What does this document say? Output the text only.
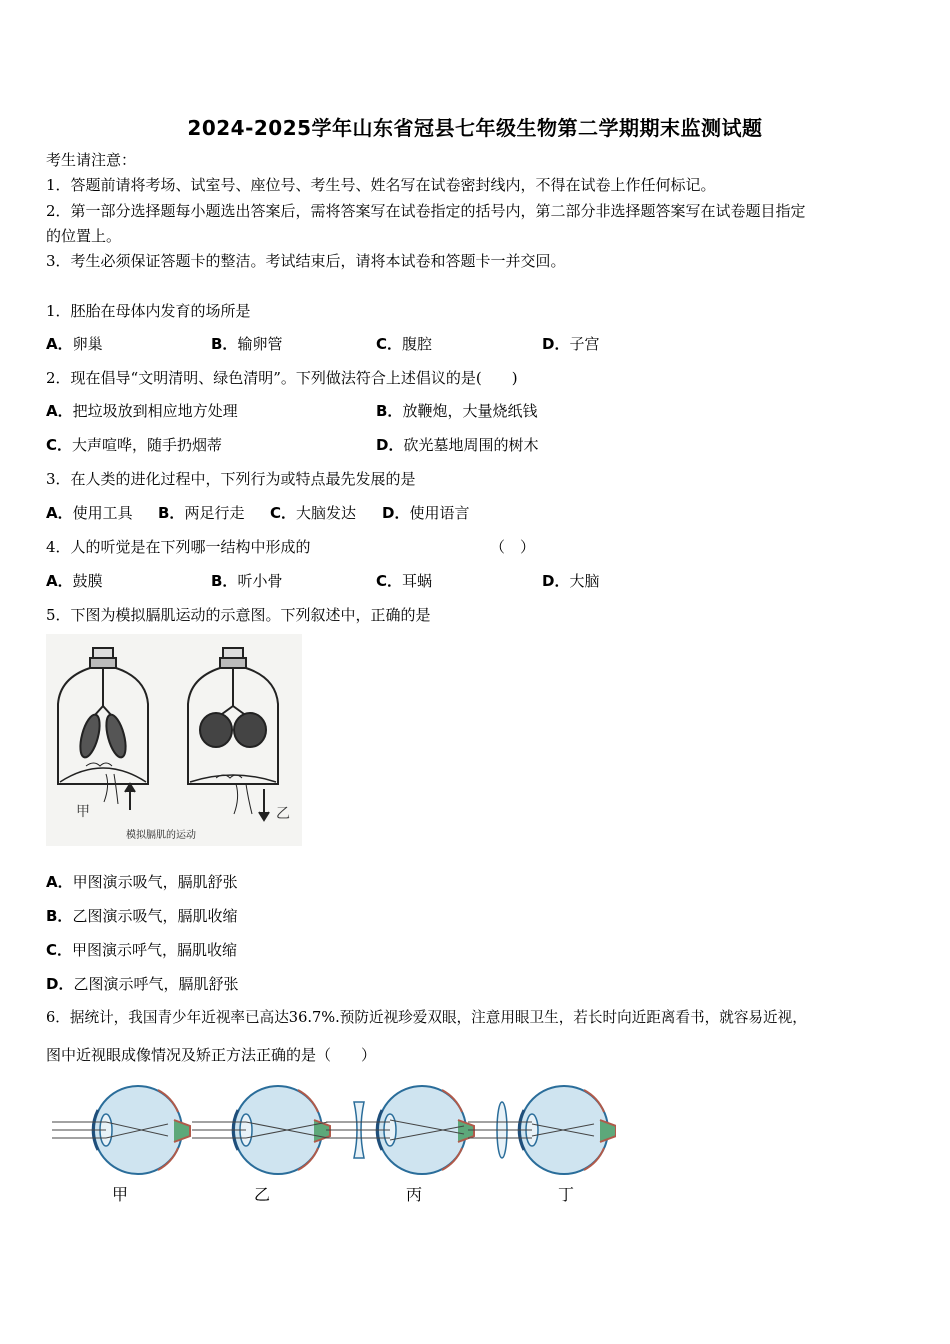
2024-2025学年山东省冠县七年级生物第二学期期末监测试题
考生请注意：
1．答题前请将考场、试室号、座位号、考生号、姓名写在试卷密封线内，不得在试卷上作任何标记。
2．第一部分选择题每小题选出答案后，需将答案写在试卷指定的括号内，第二部分非选择题答案写在试卷题目指定
的位置上。
3．考生必须保证答题卡的整洁。考试结束后，请将本试卷和答题卡一并交回。
1．胚胎在母体内发育的场所是
A．卵巢	B．输卵管	C．腹腔	D．子宫
2．现在倡导“文明清明、绿色清明”。下列做法符合上述倡议的是(　　)
A．把垃圾放到相应地方处理	B．放鞭炮，大量烧纸钱
C．大声喧哗，随手扔烟蒂	D．砍光墓地周围的树木
3．在人类的进化过程中，下列行为或特点最先发展的是
A．使用工具 B．两足行走 C．大脑发达 D．使用语言
4．人的听觉是在下列哪一结构中形成的	（　）
A．鼓膜	B．听小骨	C．耳蜗	D．大脑
5．下图为模拟膈肌运动的示意图。下列叙述中，正确的是
甲	乙
模拟膈肌的运动
A．甲图演示吸气，膈肌舒张
B．乙图演示吸气，膈肌收缩
C．甲图演示呼气，膈肌收缩
D．乙图演示呼气，膈肌舒张
6．据统计，我国青少年近视率已高达36.7%.预防近视珍爱双眼，注意用眼卫生，若长时向近距离看书，就容易近视，
图中近视眼成像情况及矫正方法正确的是（　　）
甲	乙	丙	丁
